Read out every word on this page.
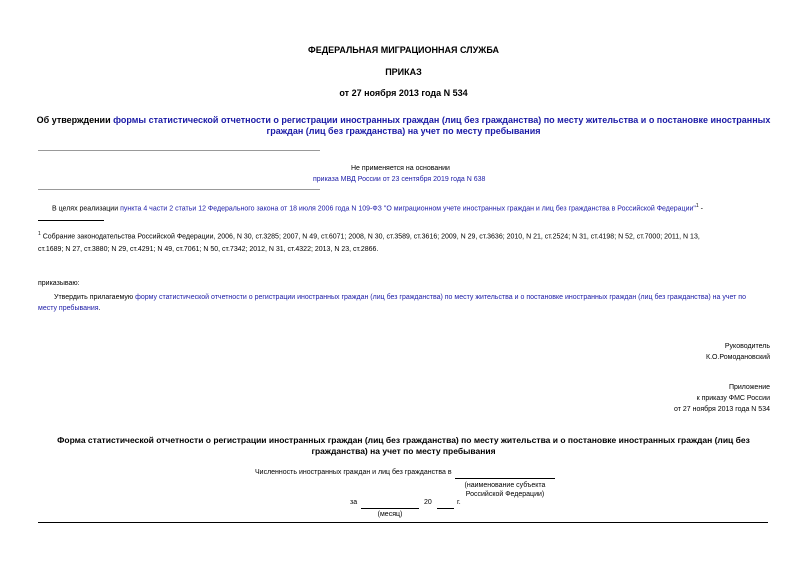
ФЕДЕРАЛЬНАЯ МИГРАЦИОННАЯ СЛУЖБА
ПРИКАЗ
от 27 ноября 2013 года N 534
Об утверждении формы статистической отчетности о регистрации иностранных граждан (лиц без гражданства) по месту жительства и о постановке иностранных
граждан (лиц без гражданства) на учет по месту пребывания
Не применяется на основании
приказа МВД России от 23 сентября 2019 года N 638
В целях реализации пункта 4 части 2 статьи 12 Федерального закона от 18 июля 2006 года N 109-ФЗ "О миграционном учете иностранных граждан и лиц без гражданства в Российской Федерации"$^1$ -
$^1$ Собрание законодательства Российской Федерации, 2006, N 30, ст.3285; 2007, N 49, ст.6071; 2008, N 30, ст.3589, ст.3616; 2009, N 29, ст.3636; 2010, N 21, ст.2524; N 31, ст.4198; N 52, ст.7000; 2011, N 13,
ст.1689; N 27, ст.3880; N 29, ст.4291; N 49, ст.7061; N 50, ст.7342; 2012, N 31, ст.4322; 2013, N 23, ст.2866.
приказываю:
Утвердить прилагаемую форму статистической отчетности о регистрации иностранных граждан (лиц без гражданства) по месту жительства и о постановке иностранных граждан (лиц без гражданства) на учет по
месту пребывания.
Руководитель
К.О.Ромодановский
Приложение
к приказу ФМС России
от 27 ноября 2013 года N 534
Форма статистической отчетности о регистрации иностранных граждан (лиц без гражданства) по месту жительства и о постановке иностранных граждан (лиц без
гражданства) на учет по месту пребывания
Численность иностранных граждан и лиц без гражданства в
(наименование субъекта
Российской Федерации)
за	20	г.
(месяц)
